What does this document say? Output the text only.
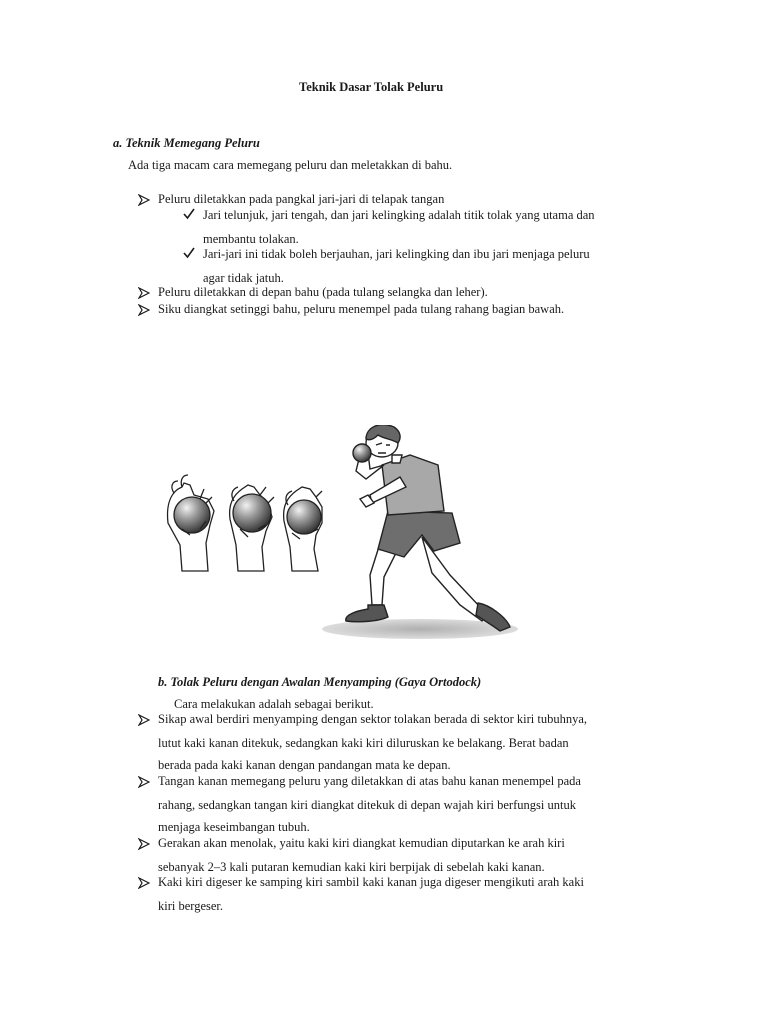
Teknik Dasar Tolak Peluru
a. Teknik Memegang Peluru
Ada tiga macam cara memegang peluru dan meletakkan di bahu.
Peluru diletakkan pada pangkal jari-jari di telapak tangan
Jari telunjuk, jari tengah, dan jari kelingking adalah titik tolak yang utama dan
membantu tolakan.
Jari-jari ini tidak boleh berjauhan, jari kelingking dan ibu jari menjaga peluru
agar tidak jatuh.
Peluru diletakkan di depan bahu (pada tulang selangka dan leher).
Siku diangkat setinggi bahu, peluru menempel pada tulang rahang bagian bawah.
b. Tolak Peluru dengan Awalan Menyamping (Gaya Ortodock)
Cara melakukan adalah sebagai berikut.
Sikap awal berdiri menyamping dengan sektor tolakan berada di sektor kiri tubuhnya,
lutut kaki kanan ditekuk, sedangkan kaki kiri diluruskan ke belakang. Berat badan
berada pada kaki kanan dengan pandangan mata ke depan.
Tangan kanan memegang peluru yang diletakkan di atas bahu kanan menempel pada
rahang, sedangkan tangan kiri diangkat ditekuk di depan wajah kiri berfungsi untuk
menjaga keseimbangan tubuh.
Gerakan akan menolak, yaitu kaki kiri diangkat kemudian diputarkan ke arah kiri
sebanyak 2–3 kali putaran kemudian kaki kiri berpijak di sebelah kaki kanan.
Kaki kiri digeser ke samping kiri sambil kaki kanan juga digeser mengikuti arah kaki
kiri bergeser.
